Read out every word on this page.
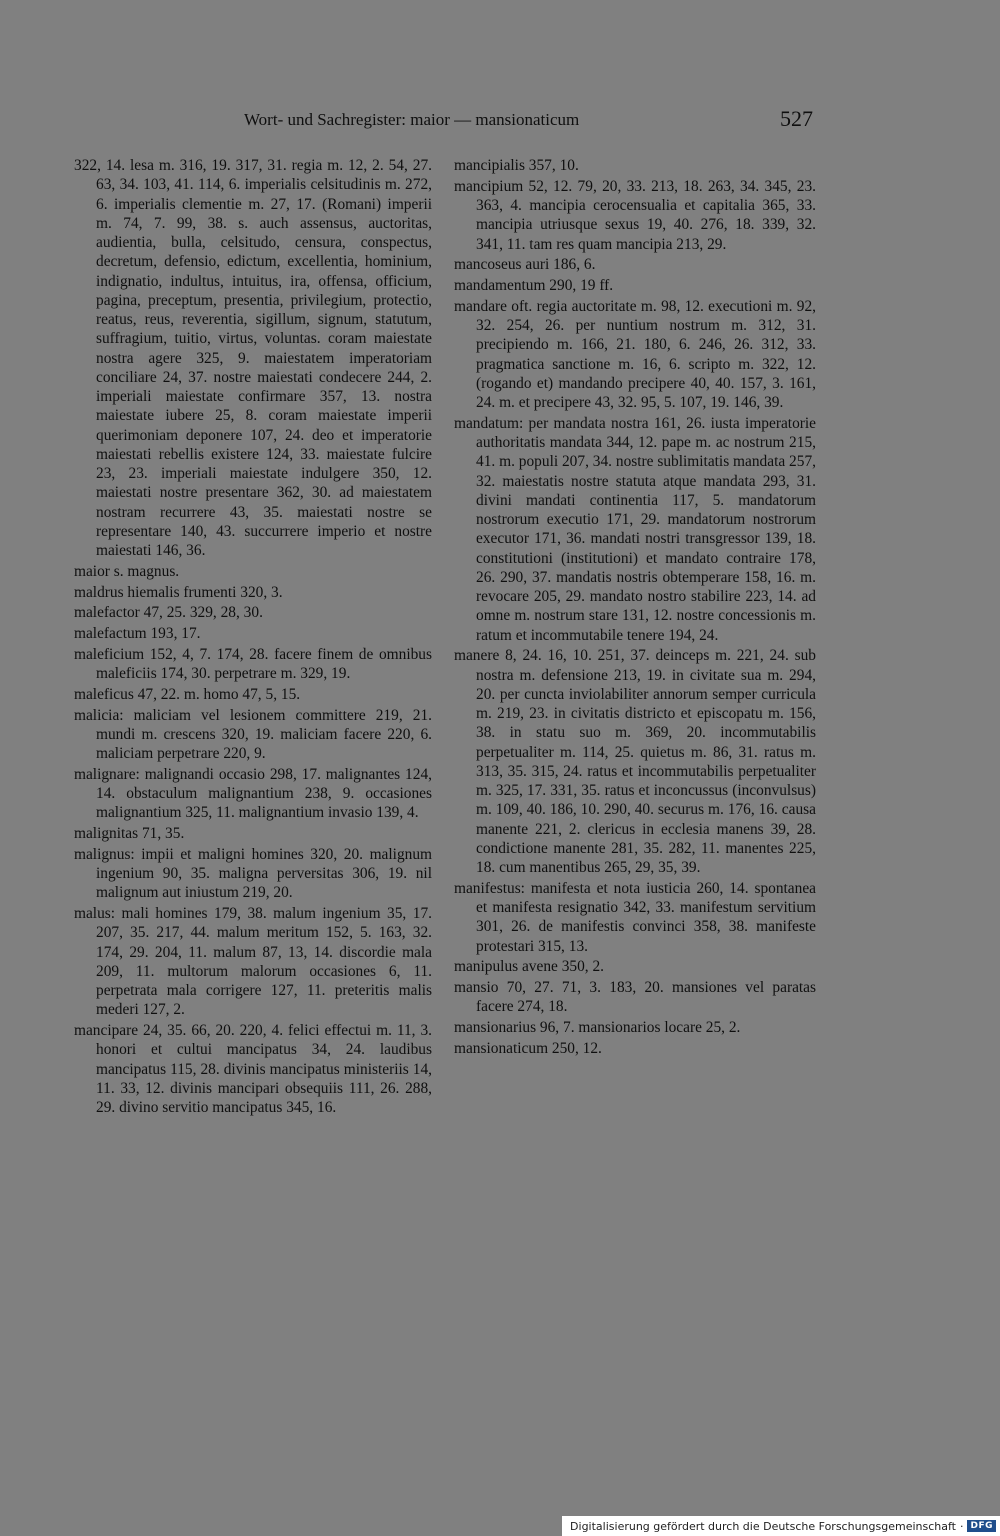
Wort- und Sachregister: maior — mansionaticum	527

322, 14. lesa m. 316, 19. 317, 31. regia m. 12, 2. 54, 27. 63, 34. 103, 41. 114, 6. imperialis celsitudinis m. 272, 6. imperialis clementie m. 27, 17. (Romani) imperii m. 74, 7. 99, 38. s. auch assensus, auctoritas, audientia, bulla, celsitudo, censura, conspectus, decretum, defensio, edictum, excellentia, hominium, indignatio, indultus, intuitus, ira, offensa, officium, pagina, preceptum, presentia, privilegium, protectio, reatus, reus, reverentia, sigillum, signum, statutum, suffragium, tuitio, virtus, voluntas. coram maiestate nostra agere 325, 9. maiestatem imperatoriam conciliare 24, 37. nostre maiestati condecere 244, 2. imperiali maiestate confirmare 357, 13. nostra maiestate iubere 25, 8. coram maiestate imperii querimoniam deponere 107, 24. deo et imperatorie maiestati rebellis existere 124, 33. maiestate fulcire 23, 23. imperiali maiestate indulgere 350, 12. maiestati nostre presentare 362, 30. ad maiestatem nostram recurrere 43, 35. maiestati nostre se representare 140, 43. succurrere imperio et nostre maiestati 146, 36.

maior s. magnus.

maldrus hiemalis frumenti 320, 3.

malefactor 47, 25. 329, 28, 30.

malefactum 193, 17.

maleficium 152, 4, 7. 174, 28. facere finem de omnibus maleficiis 174, 30. perpetrare m. 329, 19.

maleficus 47, 22. m. homo 47, 5, 15.

malicia: maliciam vel lesionem committere 219, 21. mundi m. crescens 320, 19. maliciam facere 220, 6. maliciam perpetrare 220, 9.

malignare: malignandi occasio 298, 17. malignantes 124, 14. obstaculum malignantium 238, 9. occasiones malignantium 325, 11. malignantium invasio 139, 4.

malignitas 71, 35.

malignus: impii et maligni homines 320, 20. malignum ingenium 90, 35. maligna perversitas 306, 19. nil malignum aut iniustum 219, 20.

malus: mali homines 179, 38. malum ingenium 35, 17. 207, 35. 217, 44. malum meritum 152, 5. 163, 32. 174, 29. 204, 11. malum 87, 13, 14. discordie mala 209, 11. multorum malorum occasiones 6, 11. perpetrata mala corrigere 127, 11. preteritis malis mederi 127, 2.

mancipare 24, 35. 66, 20. 220, 4. felici effectui m. 11, 3. honori et cultui mancipatus 34, 24. laudibus mancipatus 115, 28. divinis mancipatus ministeriis 14, 11. 33, 12. divinis mancipari obsequiis 111, 26. 288, 29. divino servitio mancipatus 345, 16.

mancipialis 357, 10.

mancipium 52, 12. 79, 20, 33. 213, 18. 263, 34. 345, 23. 363, 4. mancipia cerocensualia et capitalia 365, 33. mancipia utriusque sexus 19, 40. 276, 18. 339, 32. 341, 11. tam res quam mancipia 213, 29.

mancoseus auri 186, 6.

mandamentum 290, 19 ff.

mandare oft. regia auctoritate m. 98, 12. executioni m. 92, 32. 254, 26. per nuntium nostrum m. 312, 31. precipiendo m. 166, 21. 180, 6. 246, 26. 312, 33. pragmatica sanctione m. 16, 6. scripto m. 322, 12. (rogando et) mandando precipere 40, 40. 157, 3. 161, 24. m. et precipere 43, 32. 95, 5. 107, 19. 146, 39.

mandatum: per mandata nostra 161, 26. iusta imperatorie authoritatis mandata 344, 12. pape m. ac nostrum 215, 41. m. populi 207, 34. nostre sublimitatis mandata 257, 32. maiestatis nostre statuta atque mandata 293, 31. divini mandati continentia 117, 5. mandatorum nostrorum executio 171, 29. mandatorum nostrorum executor 171, 36. mandati nostri transgressor 139, 18. constitutioni (institutioni) et mandato contraire 178, 26. 290, 37. mandatis nostris obtemperare 158, 16. m. revocare 205, 29. mandato nostro stabilire 223, 14. ad omne m. nostrum stare 131, 12. nostre concessionis m. ratum et incommutabile tenere 194, 24.

manere 8, 24. 16, 10. 251, 37. deinceps m. 221, 24. sub nostra m. defensione 213, 19. in civitate sua m. 294, 20. per cuncta inviolabiliter annorum semper curricula m. 219, 23. in civitatis districto et episcopatu m. 156, 38. in statu suo m. 369, 20. incommutabilis perpetualiter m. 114, 25. quietus m. 86, 31. ratus m. 313, 35. 315, 24. ratus et incommutabilis perpetualiter m. 325, 17. 331, 35. ratus et inconcussus (inconvulsus) m. 109, 40. 186, 10. 290, 40. securus m. 176, 16. causa manente 221, 2. clericus in ecclesia manens 39, 28. condictione manente 281, 35. 282, 11. manentes 225, 18. cum manentibus 265, 29, 35, 39.

manifestus: manifesta et nota iusticia 260, 14. spontanea et manifesta resignatio 342, 33. manifestum servitium 301, 26. de manifestis convinci 358, 38. manifeste protestari 315, 13.

manipulus avene 350, 2.

mansio 70, 27. 71, 3. 183, 20. mansiones vel paratas facere 274, 18.

mansionarius 96, 7. mansionarios locare 25, 2.

mansionaticum 250, 12.

Digitalisierung gefördert durch die Deutsche Forschungsgemeinschaft · DFG
